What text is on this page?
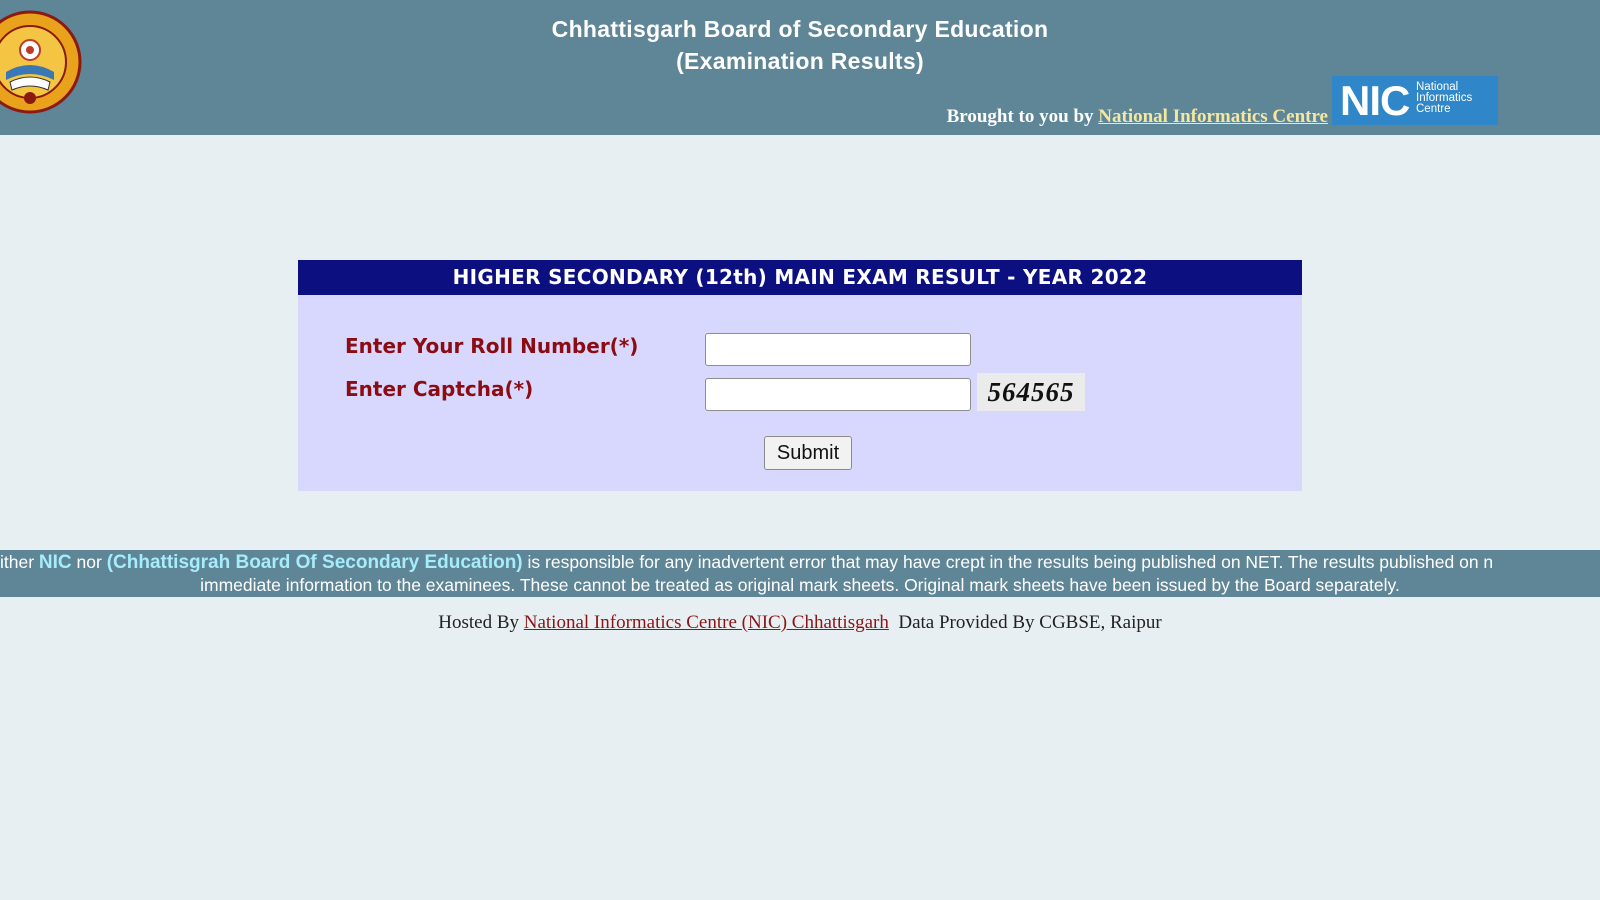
Chhattisgarh Board of Secondary Education
(Examination Results)
Brought to you by National Informatics Centre NIC National
Informatics
Centre
HIGHER SECONDARY (12th) MAIN EXAM RESULT - YEAR 2022
Enter Your Roll Number(*)
Enter Captcha(*)	564565
Submit
ither NIC nor (Chhattisgrah Board Of Secondary Education) is responsible for any inadvertent error that may have crept in the results being published on NET. The results published on n
immediate information to the examinees. These cannot be treated as original mark sheets. Original mark sheets have been issued by the Board separately.
Hosted By National Informatics Centre (NIC) Chhattisgarh Data Provided By CGBSE, Raipur
